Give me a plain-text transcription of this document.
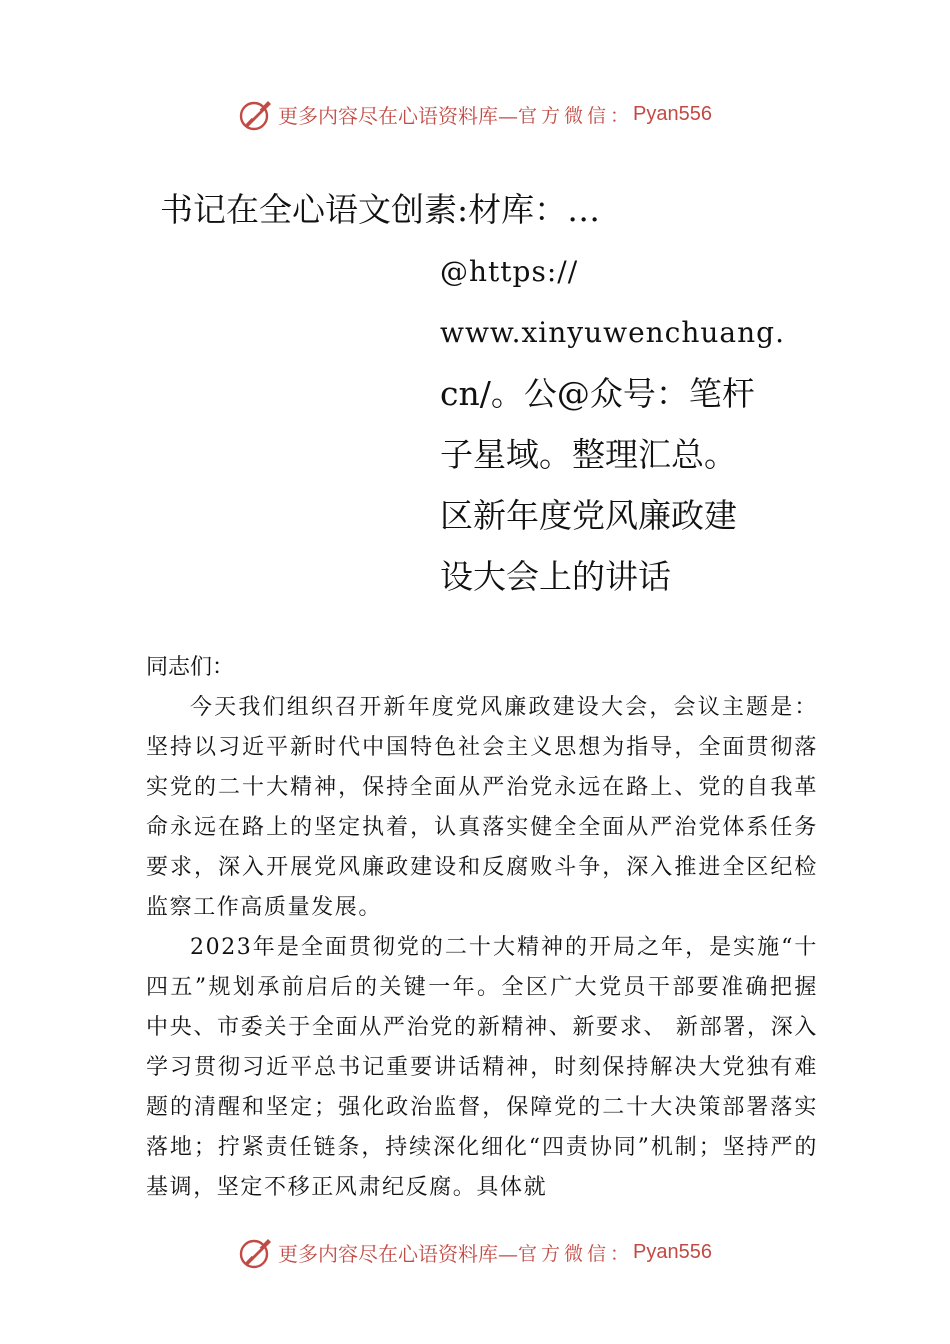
更多内容尽在心语资料库— 官方微信： Pyan556
书记在全心语文创素:材库：…
@https://
www.xinyuwenchuang.
cn/。公@众号：笔杆
子星域。整理汇总。
区新年度党风廉政建
设大会上的讲话

同志们：

今天我们组织召开新年度党风廉政建设大会，会议主题是：坚持以习近平新时代中国特色社会主义思想为指导，全面贯彻落实党的二十大精神，保持全面从严治党永远在路上、党的自我革命永远在路上的坚定执着，认真落实健全全面从严治党体系任务要求，深入开展党风廉政建设和反腐败斗争，深入推进全区纪检监察工作高质量发展。

2023年是全面贯彻党的二十大精神的开局之年，是实施“十四五”规划承前启后的关键一年。全区广大党员干部要准确把握中央、市委关于全面从严治党的新精神、新要求、 新部署，深入学习贯彻习近平总书记重要讲话精神，时刻保持解决大党独有难题的清醒和坚定；强化政治监督，保障党的二十大决策部署落实落地；拧紧责任链条，持续深化细化“四责协同”机制；坚持严的基调，坚定不移正风肃纪反腐。具体就

更多内容尽在心语资料库— 官方微信： Pyan556
